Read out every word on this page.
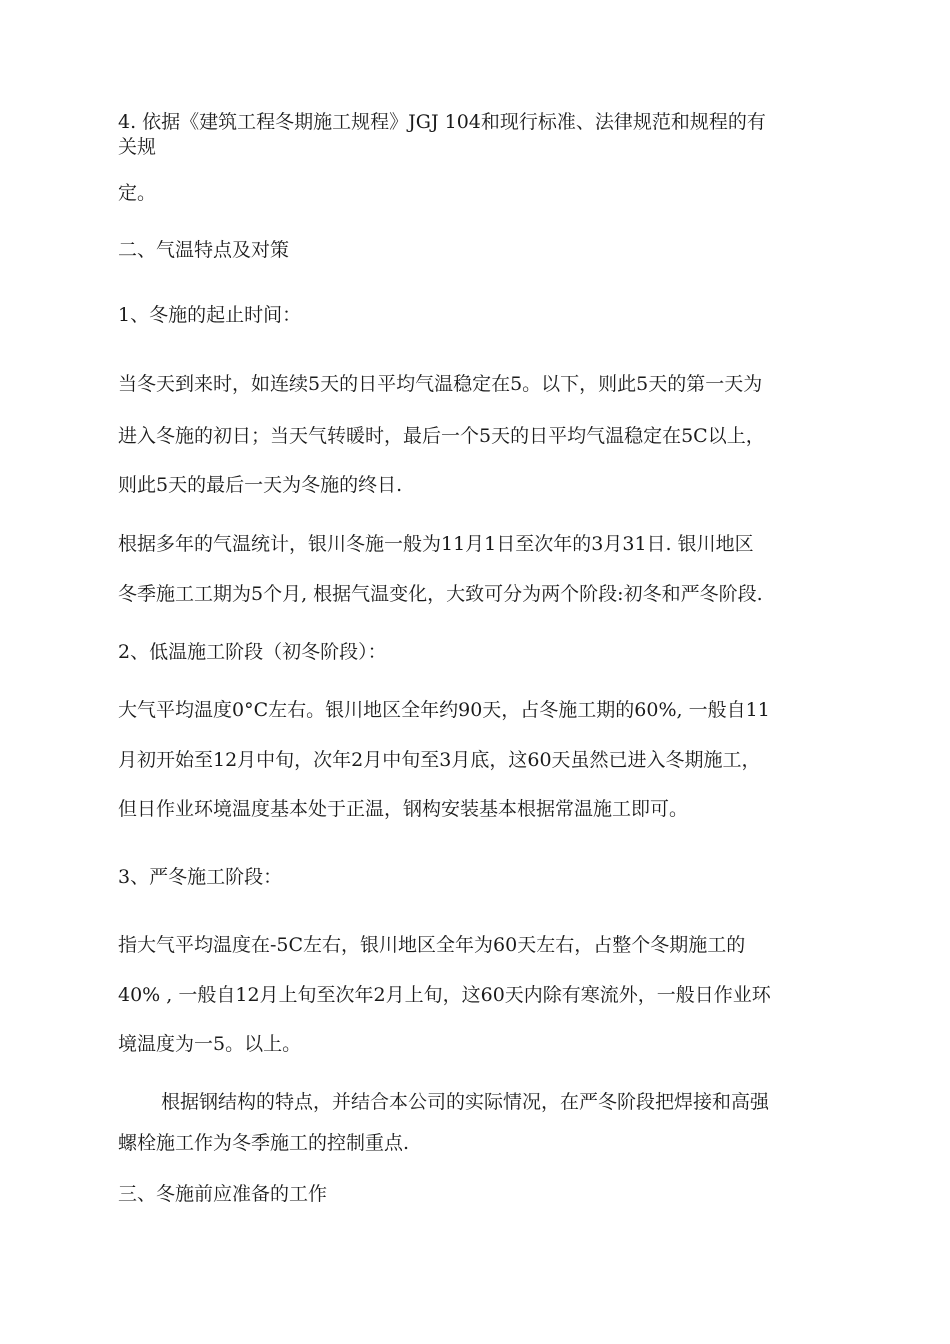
4. 依据《建筑工程冬期施工规程》JGJ 104和现行标准、法律规范和规程的有

关规

定。

二、气温特点及对策

1、冬施的起止时间：

当冬天到来时，如连续5天的日平均气温稳定在5。以下，则此5天的第一天为

进入冬施的初日；当天气转暖时，最后一个5天的日平均气温稳定在5C以上，

则此5天的最后一天为冬施的终日.

根据多年的气温统计，银川冬施一般为11月1日至次年的3月31日. 银川地区

冬季施工工期为5个月, 根据气温变化，大致可分为两个阶段:初冬和严冬阶段.

2、低温施工阶段（初冬阶段）：

大气平均温度0°C左右。银川地区全年约90天，占冬施工期的60%, 一般自11

月初开始至12月中旬，次年2月中旬至3月底，这60天虽然已进入冬期施工，

但日作业环境温度基本处于正温，钢构安装基本根据常温施工即可。

3、严冬施工阶段：

指大气平均温度在-5C左右，银川地区全年为60天左右，占整个冬期施工的

40% , 一般自12月上旬至次年2月上旬，这60天内除有寒流外，一般日作业环

境温度为一5。以上。

根据钢结构的特点，并结合本公司的实际情况，在严冬阶段把焊接和高强

螺栓施工作为冬季施工的控制重点.

三、冬施前应准备的工作
